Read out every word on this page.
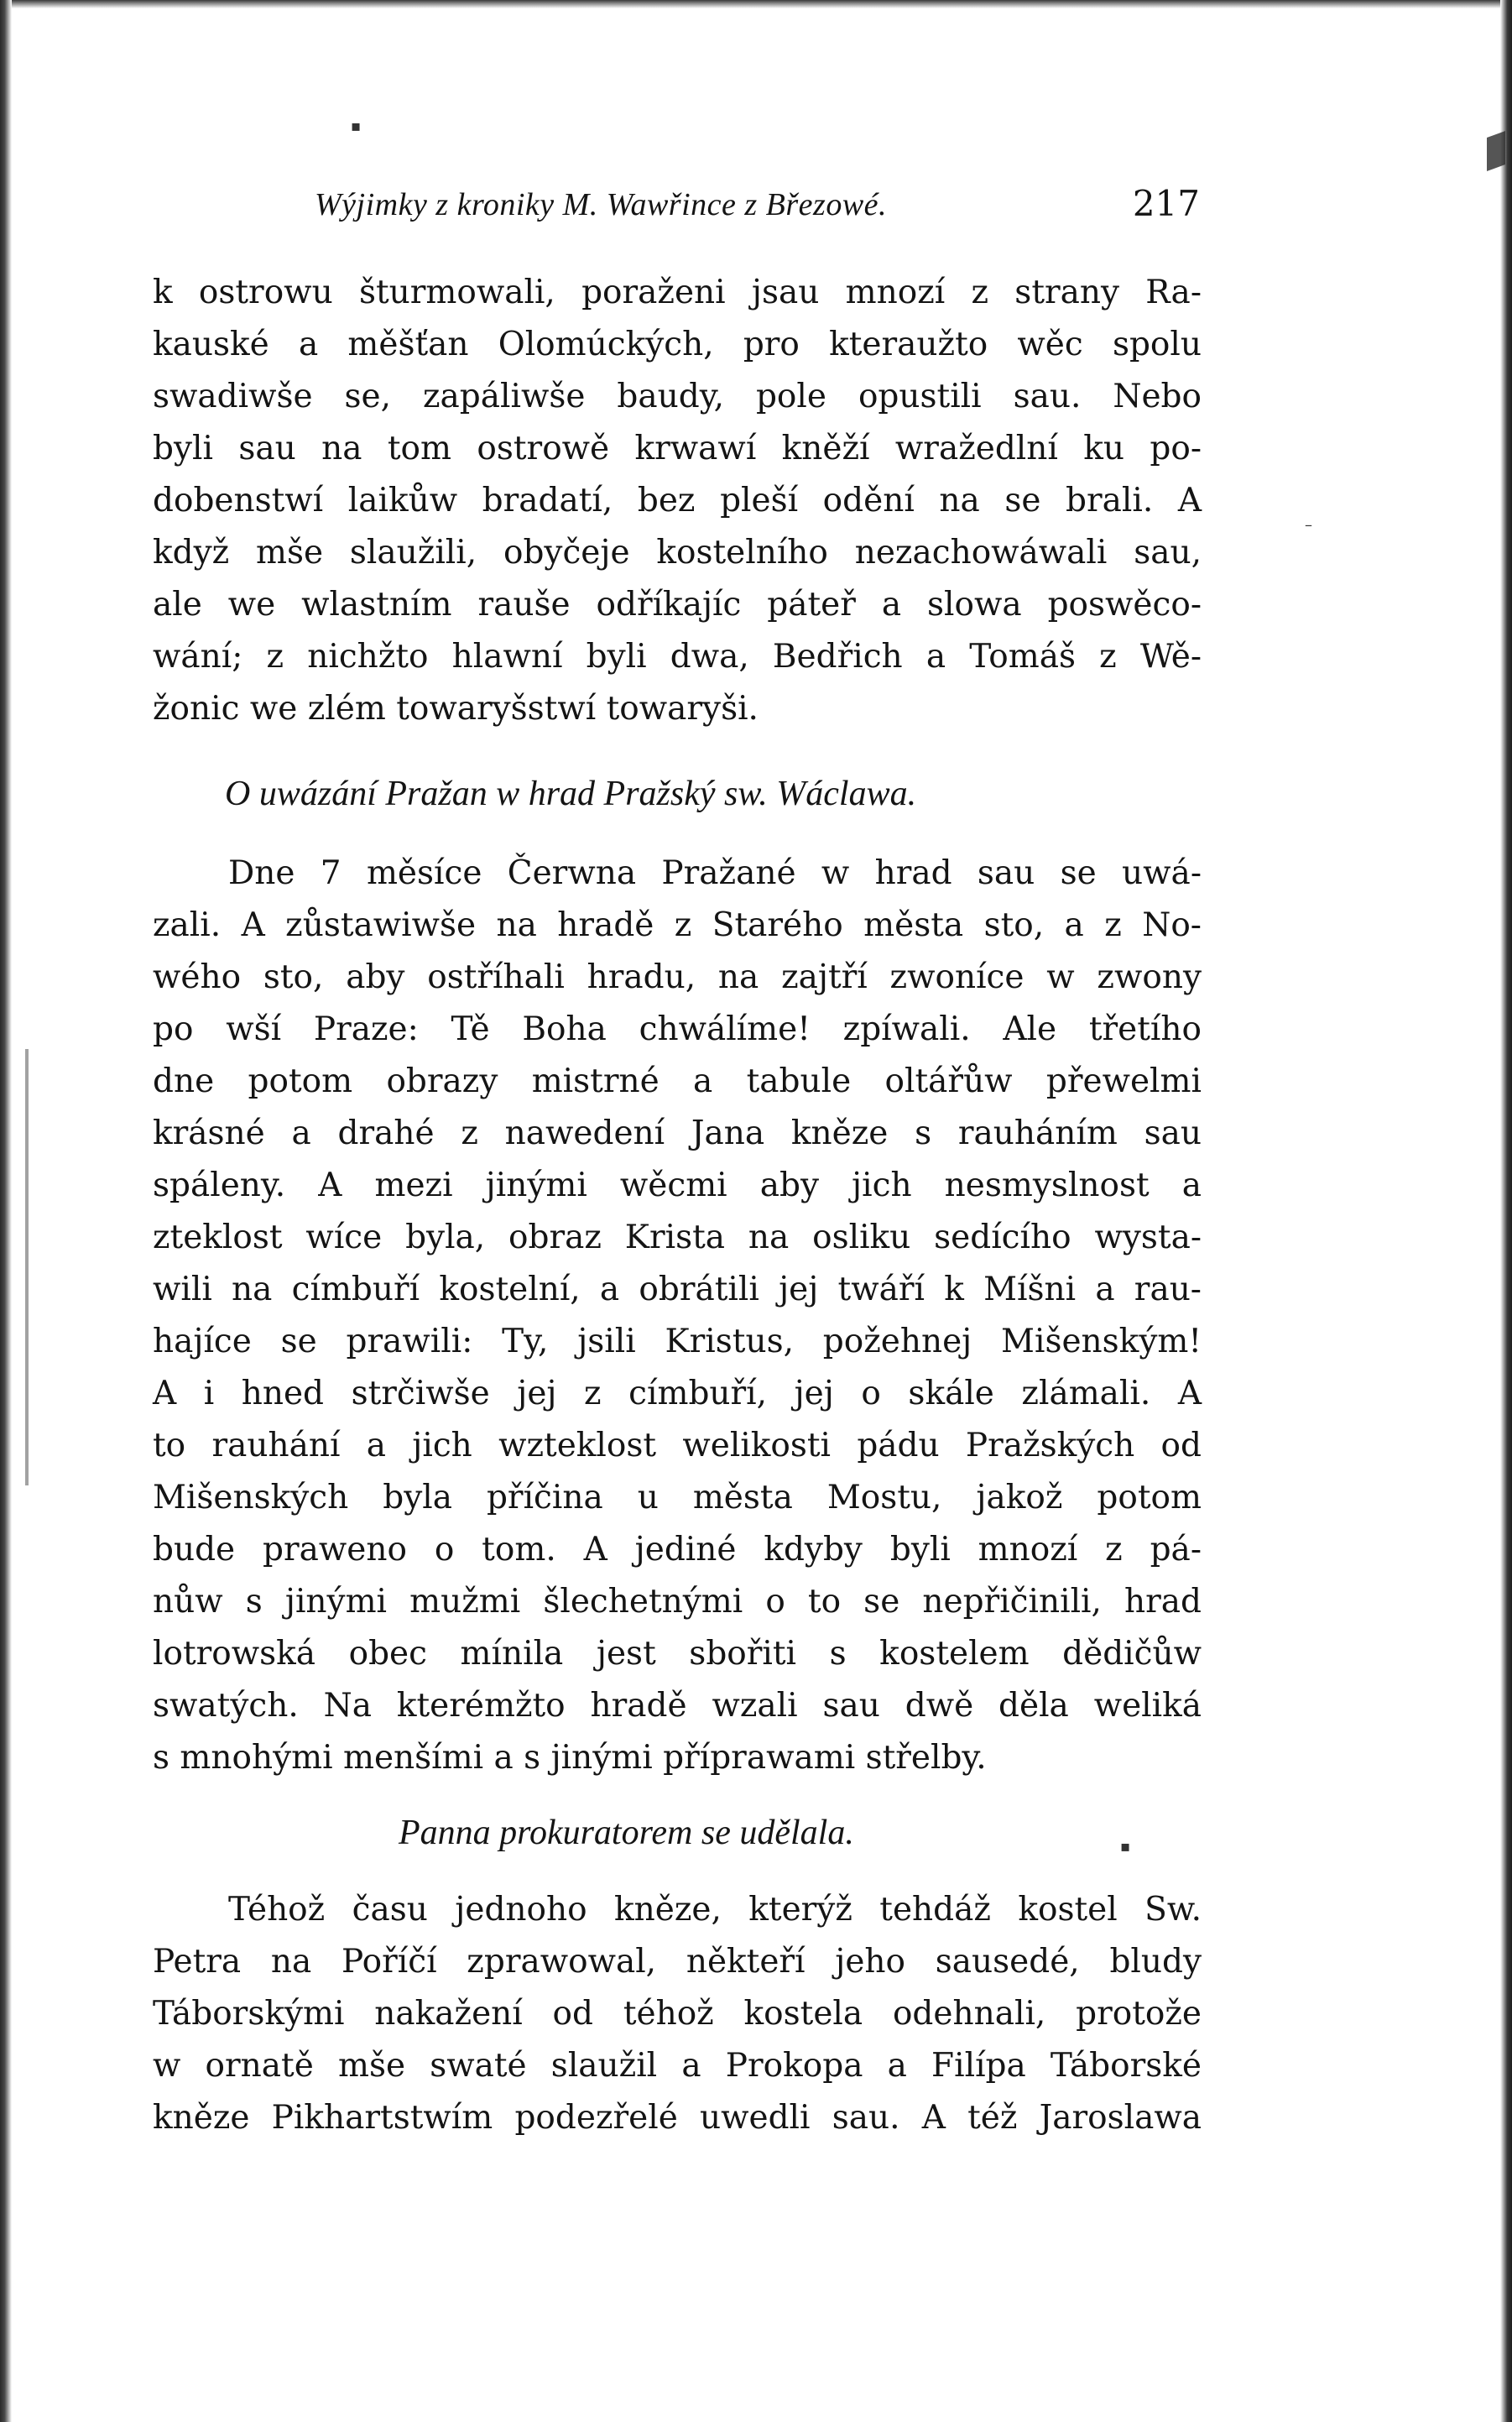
▪
–
▪
Wýjimky z kroniky M. Wawřince z Březowé.	217
k ostrowu šturmowali, poraženi jsau mnozí z strany Ra-
kauské a měšťan Olomúckých, pro kteraužto wěc spolu
swadiwše se, zapáliwše baudy, pole opustili sau. Nebo
byli sau na tom ostrowě krwawí kněží wražedlní ku po-
dobenstwí laikůw bradatí, bez pleší odění na se brali. A
když mše slaužili, obyčeje kostelního nezachowáwali sau,
ale we wlastním rauše odříkajíc páteř a slowa poswěco-
wání; z nichžto hlawní byli dwa, Bedřich a Tomáš z Wě-
žonic we zlém towaryšstwí towaryši.
O uwázání Pražan w hrad Pražský sw. Wáclawa.
Dne 7 měsíce Čerwna Pražané w hrad sau se uwá-
zali. A zůstawiwše na hradě z Starého města sto, a z No-
wého sto, aby ostříhali hradu, na zajtří zwoníce w zwony
po wší Praze: Tě Boha chwálíme! zpíwali. Ale třetího
dne potom obrazy mistrné a tabule oltářůw přewelmi
krásné a drahé z nawedení Jana kněze s rauháním sau
spáleny. A mezi jinými wěcmi aby jich nesmyslnost a
zteklost wíce byla, obraz Krista na osliku sedícího wysta-
wili na címbuří kostelní, a obrátili jej twáří k Míšni a rau-
hajíce se prawili: Ty, jsili Kristus, požehnej Mišenským!
A i hned strčiwše jej z címbuří, jej o skále zlámali. A
to rauhání a jich wzteklost welikosti pádu Pražských od
Mišenských byla příčina u města Mostu, jakož potom
bude praweno o tom. A jediné kdyby byli mnozí z pá-
nůw s jinými mužmi šlechetnými o to se nepřičinili, hrad
lotrowská obec mínila jest sbořiti s kostelem dědičůw
swatých. Na kterémžto hradě wzali sau dwě děla weliká
s mnohými menšími a s jinými příprawami střelby.
Panna prokuratorem se udělala.
Téhož času jednoho kněze, kterýž tehdáž kostel Sw.
Petra na Poříčí zprawowal, někteří jeho sausedé, bludy
Táborskými nakažení od téhož kostela odehnali, protože
w ornatě mše swaté slaužil a Prokopa a Filípa Táborské
kněze Pikhartstwím podezřelé uwedli sau. A též Jaroslawa
